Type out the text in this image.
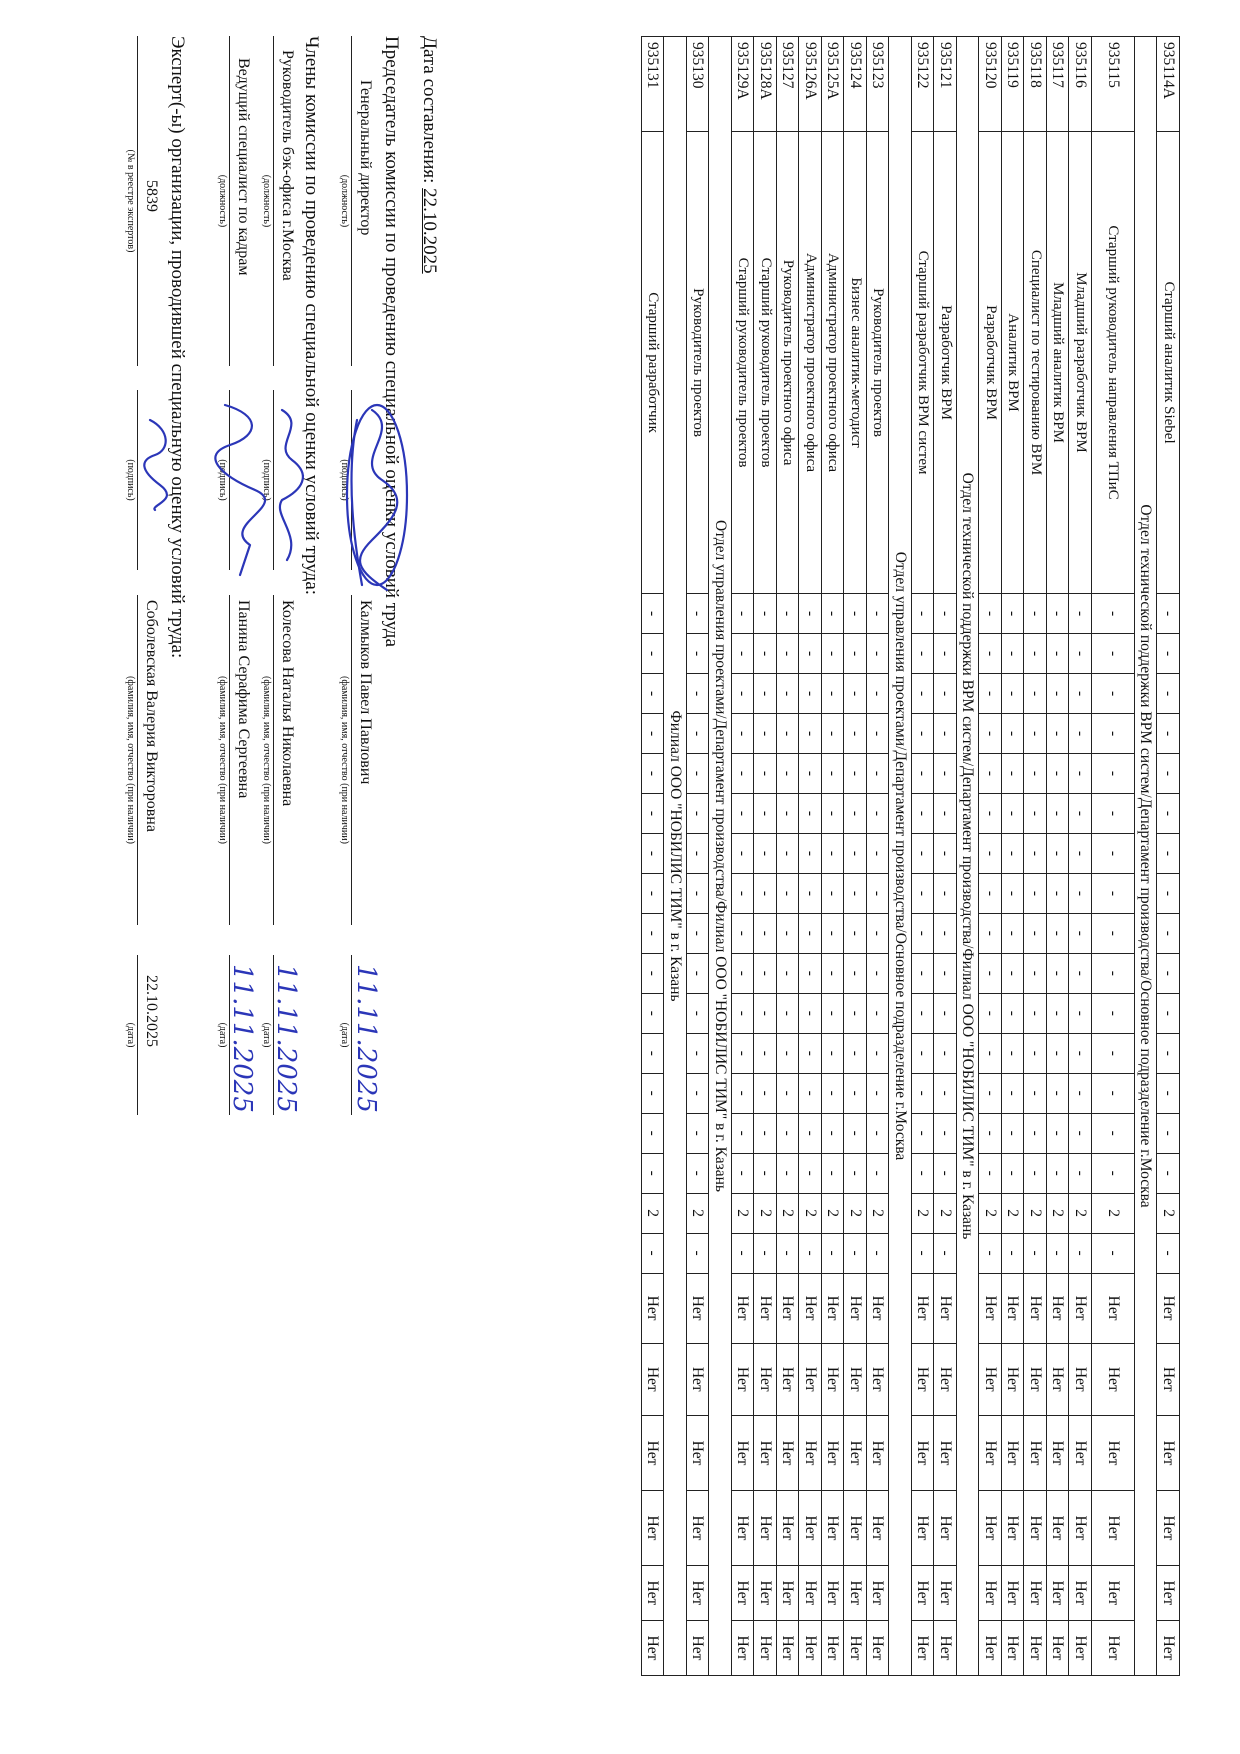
935114А	Старший аналитик Siebel	-	-	-	-	-	-	-	-	-	-	-	-	-	-	-	2	-	Нет	Нет	Нет	Нет	Нет	Нет
Отдел технической поддержки BPM систем/Департамент производства/Основное подразделение г.Москва																								
935115	Старший руководитель направления ТПиС	-	-	-	-	-	-	-	-	-	-	-	-	-	-	-	2	-	Нет	Нет	Нет	Нет	Нет	Нет
935116	Младший разработчик BPM	-	-	-	-	-	-	-	-	-	-	-	-	-	-	-	2	-	Нет	Нет	Нет	Нет	Нет	Нет
935117	Младший аналитик BPM	-	-	-	-	-	-	-	-	-	-	-	-	-	-	-	2	-	Нет	Нет	Нет	Нет	Нет	Нет
935118	Специалист по тестированию BPM	-	-	-	-	-	-	-	-	-	-	-	-	-	-	-	2	-	Нет	Нет	Нет	Нет	Нет	Нет
935119	Аналитик BPM	-	-	-	-	-	-	-	-	-	-	-	-	-	-	-	2	-	Нет	Нет	Нет	Нет	Нет	Нет
935120	Разработчик BPM	-	-	-	-	-	-	-	-	-	-	-	-	-	-	-	2	-	Нет	Нет	Нет	Нет	Нет	Нет
Отдел технической поддержки BPM систем/Департамент производства/Филиал ООО "НОБИЛИС ТИМ" в г. Казань																								
935121	Разработчик BPM	-	-	-	-	-	-	-	-	-	-	-	-	-	-	-	2	-	Нет	Нет	Нет	Нет	Нет	Нет
935122	Старший разработчик BPM систем	-	-	-	-	-	-	-	-	-	-	-	-	-	-	-	2	-	Нет	Нет	Нет	Нет	Нет	Нет
Отдел управления проектами/Департамент производства/Основное подразделение г.Москва																								
935123	Руководитель проектов	-	-	-	-	-	-	-	-	-	-	-	-	-	-	-	2	-	Нет	Нет	Нет	Нет	Нет	Нет
935124	Бизнес аналитик-методист	-	-	-	-	-	-	-	-	-	-	-	-	-	-	-	2	-	Нет	Нет	Нет	Нет	Нет	Нет
935125А	Администратор проектного офиса	-	-	-	-	-	-	-	-	-	-	-	-	-	-	-	2	-	Нет	Нет	Нет	Нет	Нет	Нет
935126А	Администратор проектного офиса	-	-	-	-	-	-	-	-	-	-	-	-	-	-	-	2	-	Нет	Нет	Нет	Нет	Нет	Нет
935127	Руководитель проектного офиса	-	-	-	-	-	-	-	-	-	-	-	-	-	-	-	2	-	Нет	Нет	Нет	Нет	Нет	Нет
935128А	Старший руководитель проектов	-	-	-	-	-	-	-	-	-	-	-	-	-	-	-	2	-	Нет	Нет	Нет	Нет	Нет	Нет
935129А	Старший руководитель проектов	-	-	-	-	-	-	-	-	-	-	-	-	-	-	-	2	-	Нет	Нет	Нет	Нет	Нет	Нет
Отдел управления проектами/Департамент производства/Филиал ООО "НОБИЛИС ТИМ" в г. Казань																								
935130	Руководитель проектов	-	-	-	-	-	-	-	-	-	-	-	-	-	-	-	2	-	Нет	Нет	Нет	Нет	Нет	Нет
Филиал ООО "НОБИЛИС ТИМ" в г. Казань																								
935131	Старший разработчик	-	-	-	-	-	-	-	-	-	-	-	-	-	-	-	2	-	Нет	Нет	Нет	Нет	Нет	Нет
Дата составления: 22.10.2025
Председатель комиссии по проведению специальной оценки условий труда
Генеральный директор
(должность)
(подпись)
Калмыков Павел Павлович
(фамилия, имя, отчество (при наличии)
(дата)
Члены комиссии по проведению специальной оценки условий труда:
Руководитель бэк-офиса г.Москва
(должность)
(подпись)
Колесова Наталья Николаевна
(фамилия, имя, отчество (при наличии)
(дата)
Ведущий специалист по кадрам
(должность)
(подпись)
Панина Серафима Сергеевна
(фамилия, имя, отчество (при наличии)
(дата)
Эксперт(-ы) организации, проводившей специальную оценку условий труда:
5839
(№ в реестре экспертов)
(подпись)
Соболевская Валерия Викторовна
(фамилия, имя, отчество (при наличии)
22.10.2025
(дата)	11.11.2025
11.11.2025
11.11.2025
